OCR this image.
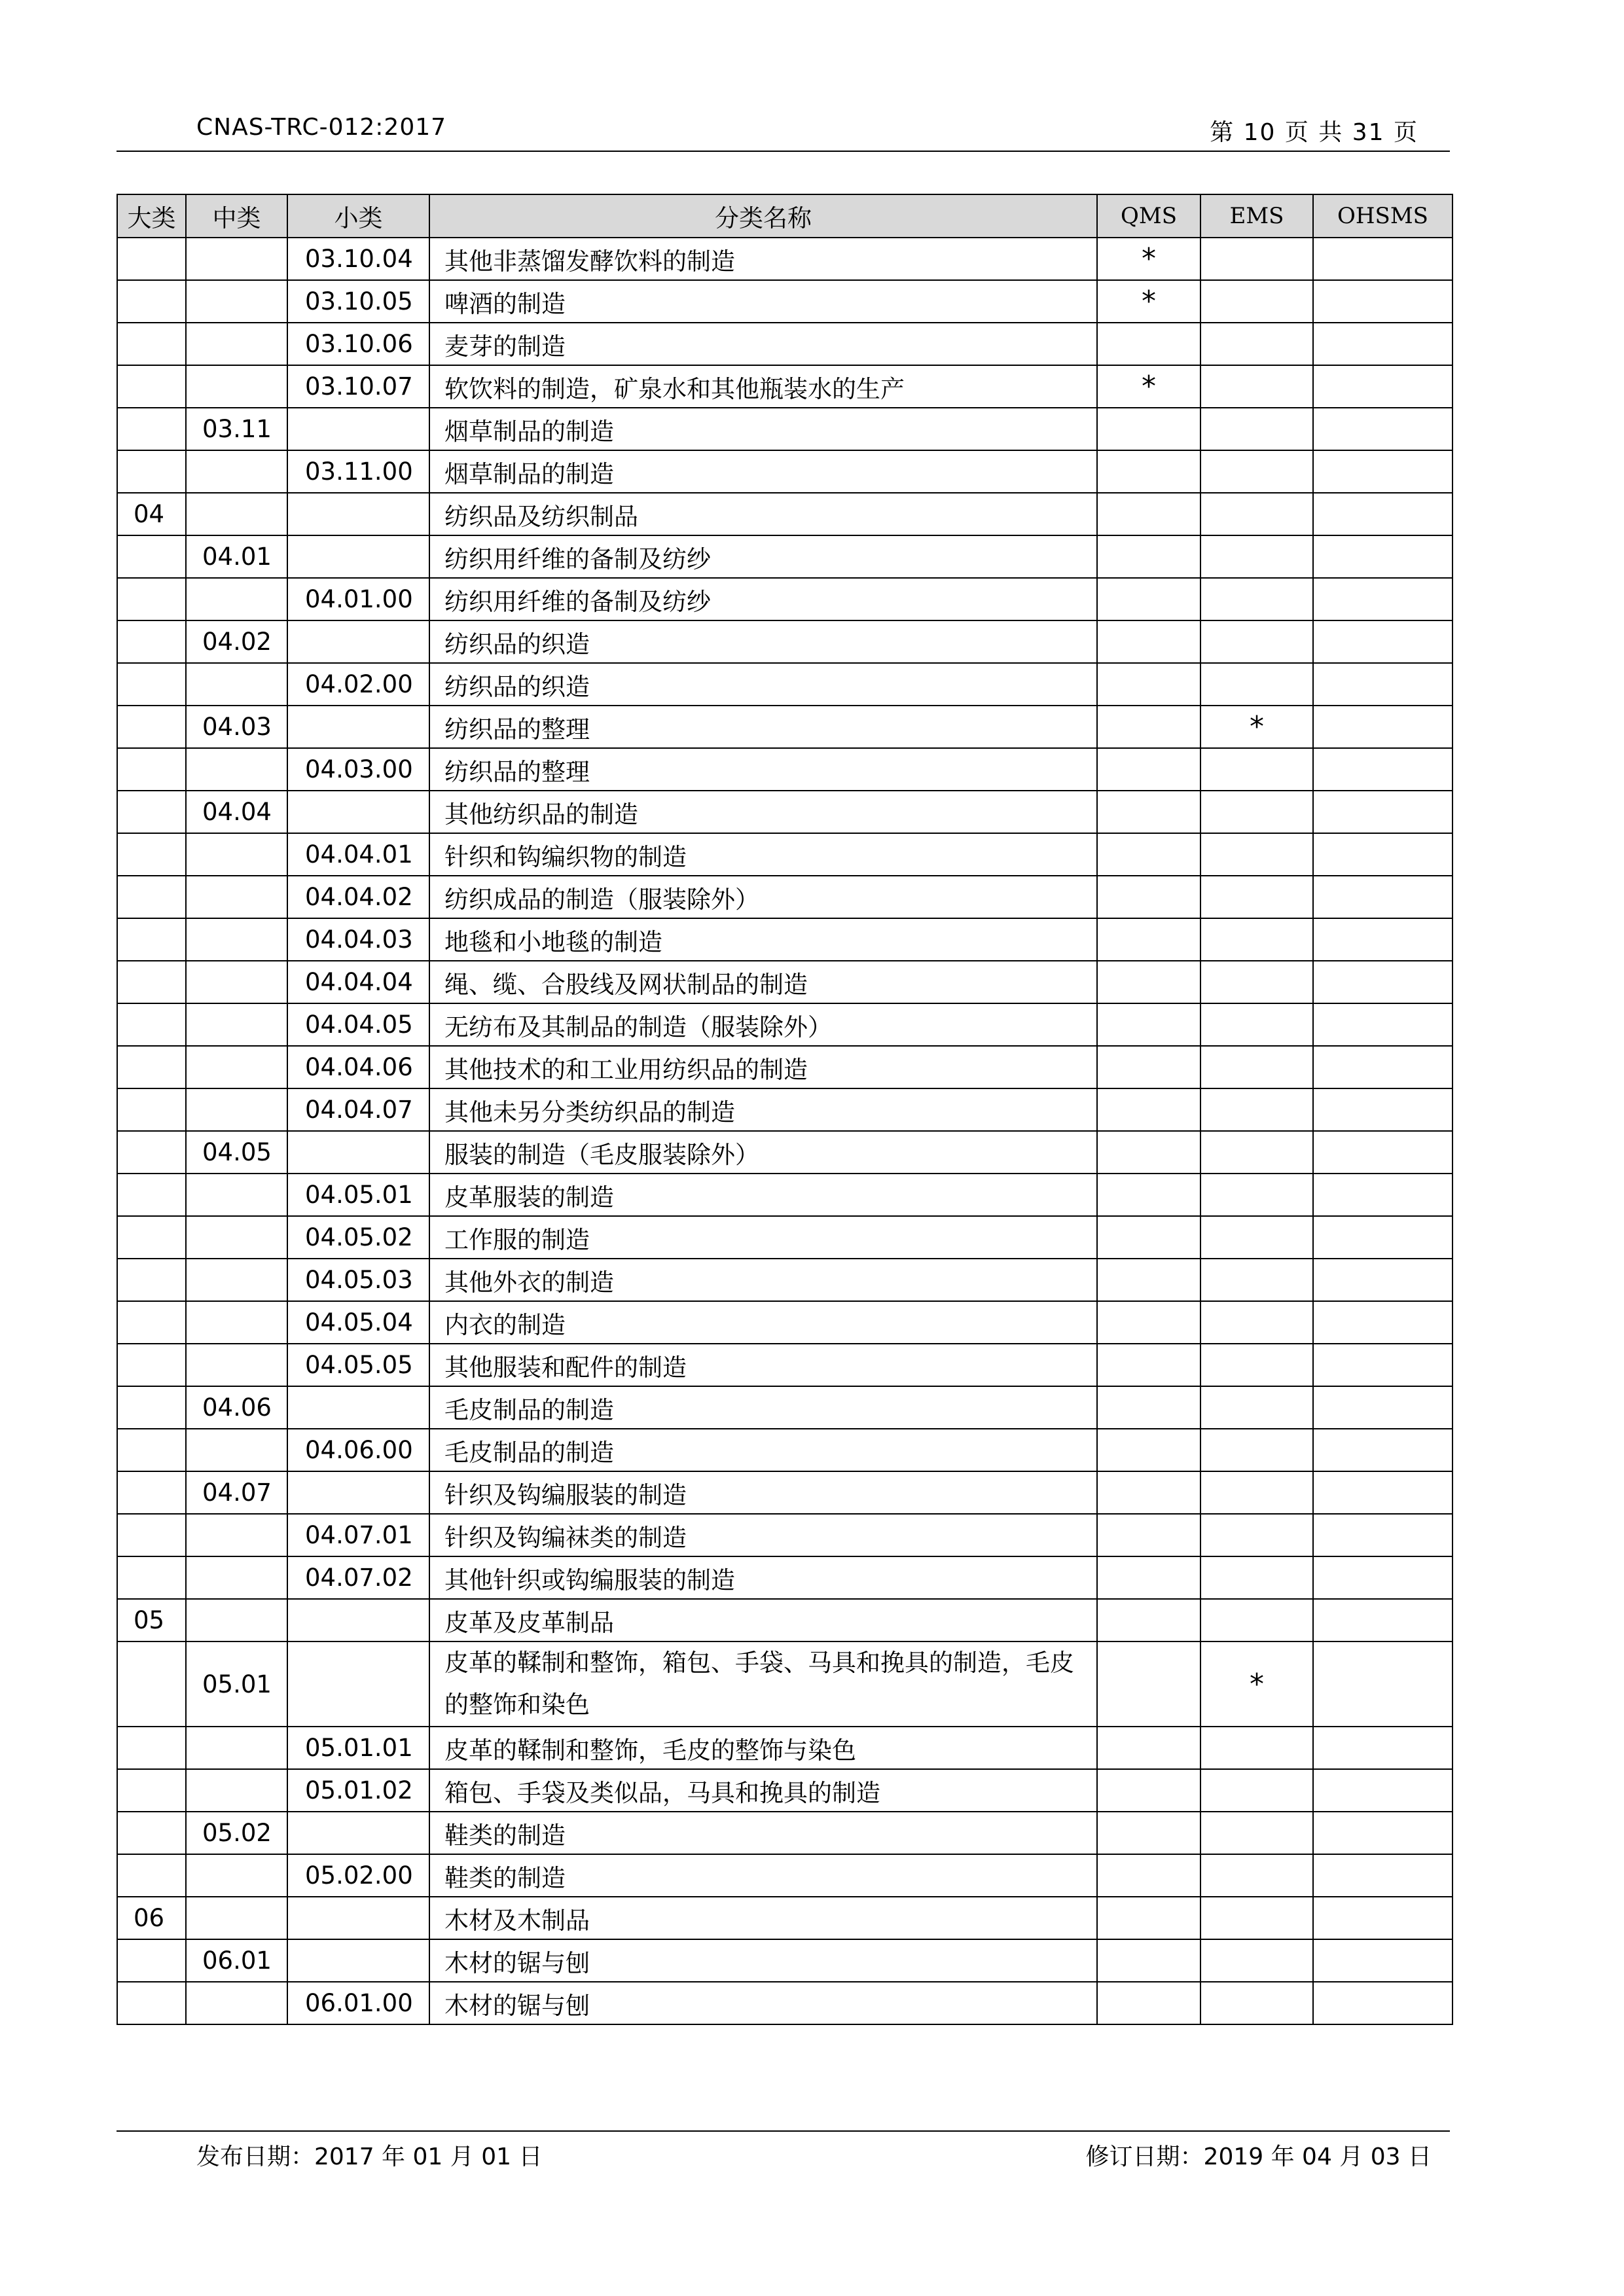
CNAS-TRC-012:2017	第 10 页 共 31 页
大类	中类	小类	分类名称	QMS	EMS	OHSMS
		03.10.04	其他非蒸馏发酵饮料的制造	*		
		03.10.05	啤酒的制造	*		
		03.10.06	麦芽的制造			
		03.10.07	软饮料的制造，矿泉水和其他瓶装水的生产	*		
	03.11		烟草制品的制造			
		03.11.00	烟草制品的制造			
04			纺织品及纺织制品			
	04.01		纺织用纤维的备制及纺纱			
		04.01.00	纺织用纤维的备制及纺纱			
	04.02		纺织品的织造			
		04.02.00	纺织品的织造			
	04.03		纺织品的整理		*	
		04.03.00	纺织品的整理			
	04.04		其他纺织品的制造			
		04.04.01	针织和钩编织物的制造			
		04.04.02	纺织成品的制造（服装除外）			
		04.04.03	地毯和小地毯的制造			
		04.04.04	绳、缆、合股线及网状制品的制造			
		04.04.05	无纺布及其制品的制造（服装除外）			
		04.04.06	其他技术的和工业用纺织品的制造			
		04.04.07	其他未另分类纺织品的制造			
	04.05		服装的制造（毛皮服装除外）			
		04.05.01	皮革服装的制造			
		04.05.02	工作服的制造			
		04.05.03	其他外衣的制造			
		04.05.04	内衣的制造			
		04.05.05	其他服装和配件的制造			
	04.06		毛皮制品的制造			
		04.06.00	毛皮制品的制造			
	04.07		针织及钩编服装的制造			
		04.07.01	针织及钩编袜类的制造			
		04.07.02	其他针织或钩编服装的制造			
05			皮革及皮革制品			
	05.01		皮革的鞣制和整饰，箱包、手袋、马具和挽具的制造，毛皮的整饰和染色		*	
		05.01.01	皮革的鞣制和整饰，毛皮的整饰与染色			
		05.01.02	箱包、手袋及类似品，马具和挽具的制造			
	05.02		鞋类的制造			
		05.02.00	鞋类的制造			
06			木材及木制品			
	06.01		木材的锯与刨			
		06.01.00	木材的锯与刨			
发布日期：2017 年 01 月 01 日	修订日期：2019 年 04 月 03 日
